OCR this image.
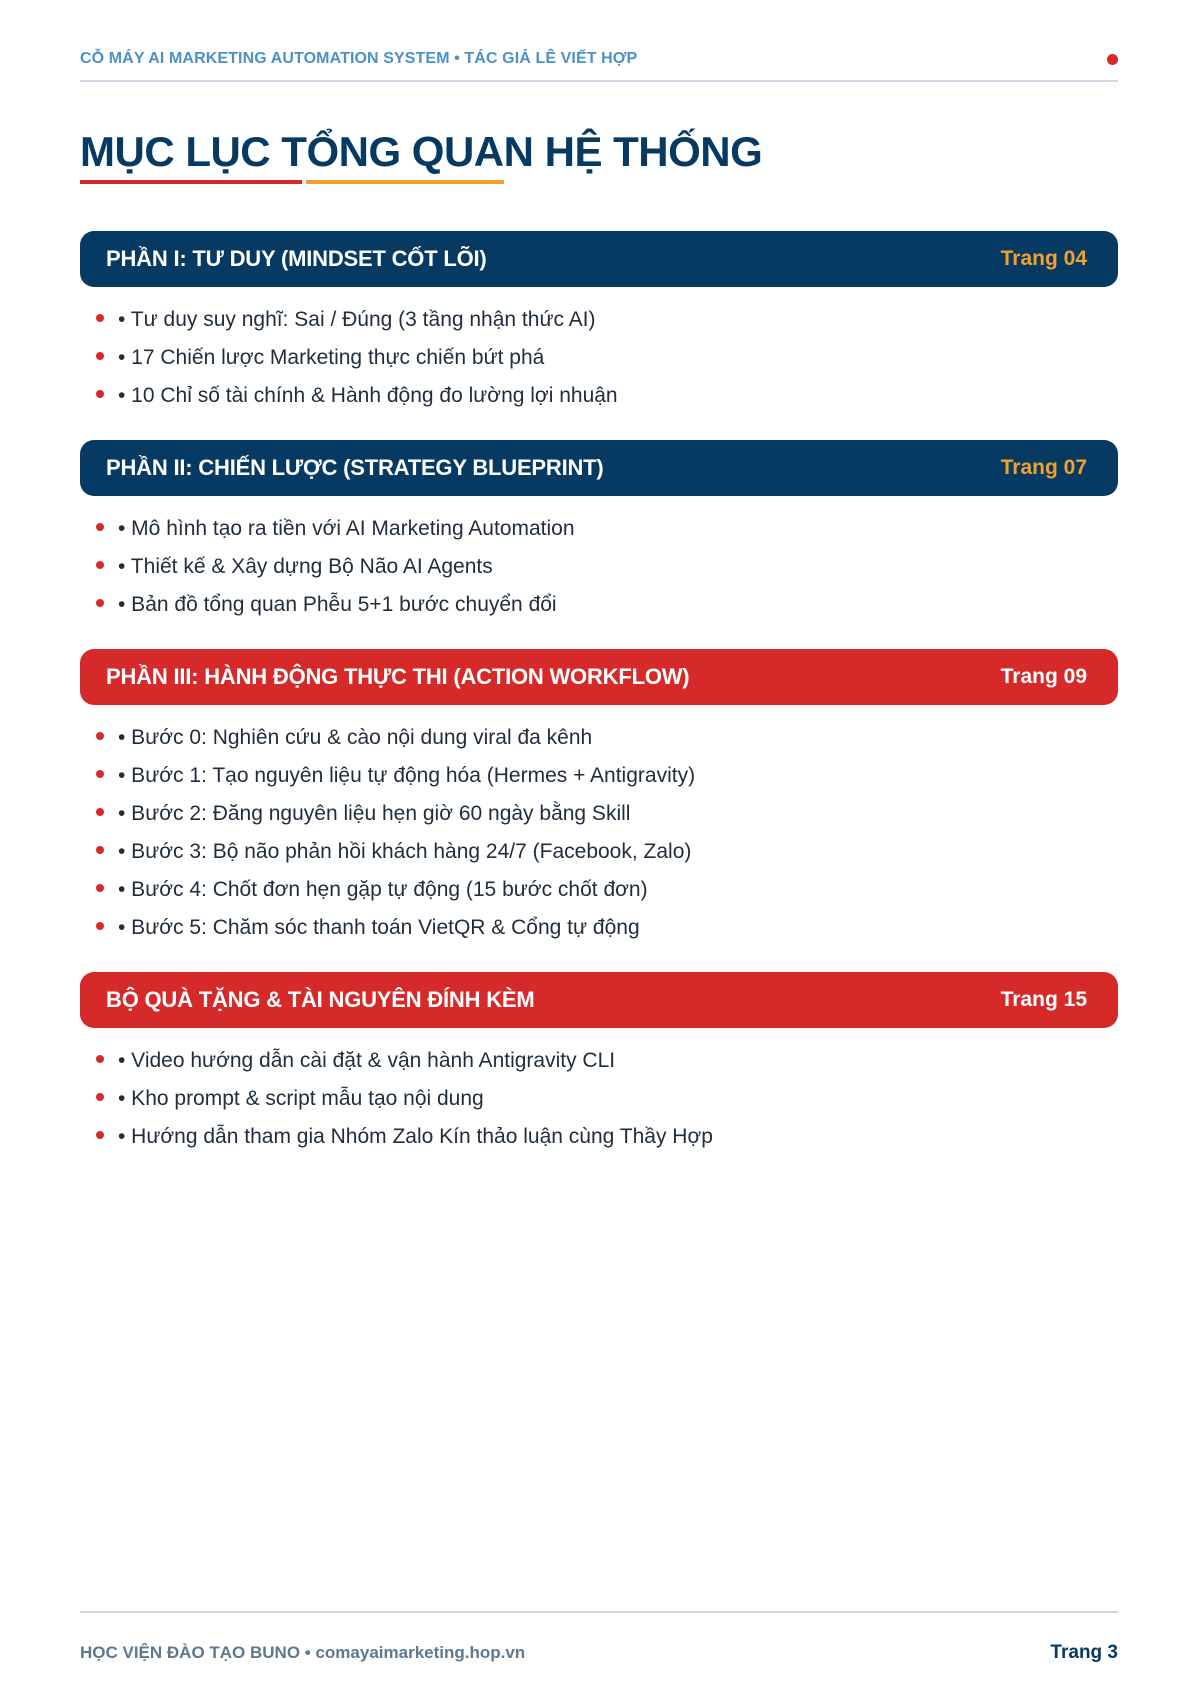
CỖ MÁY AI MARKETING AUTOMATION SYSTEM • TÁC GIẢ LÊ VIẾT HỢP
MỤC LỤC TỔNG QUAN HỆ THỐNG
PHẦN I: TƯ DUY (MINDSET CỐT LÕI)	Trang 04
• Tư duy suy nghĩ: Sai / Đúng (3 tầng nhận thức AI)
• 17 Chiến lược Marketing thực chiến bứt phá
• 10 Chỉ số tài chính & Hành động đo lường lợi nhuận
PHẦN II: CHIẾN LƯỢC (STRATEGY BLUEPRINT)	Trang 07
• Mô hình tạo ra tiền với AI Marketing Automation
• Thiết kế & Xây dựng Bộ Não AI Agents
• Bản đồ tổng quan Phễu 5+1 bước chuyển đổi
PHẦN III: HÀNH ĐỘNG THỰC THI (ACTION WORKFLOW)	Trang 09
• Bước 0: Nghiên cứu & cào nội dung viral đa kênh
• Bước 1: Tạo nguyên liệu tự động hóa (Hermes + Antigravity)
• Bước 2: Đăng nguyên liệu hẹn giờ 60 ngày bằng Skill
• Bước 3: Bộ não phản hồi khách hàng 24/7 (Facebook, Zalo)
• Bước 4: Chốt đơn hẹn gặp tự động (15 bước chốt đơn)
• Bước 5: Chăm sóc thanh toán VietQR & Cổng tự động
BỘ QUÀ TẶNG & TÀI NGUYÊN ĐÍNH KÈM	Trang 15
• Video hướng dẫn cài đặt & vận hành Antigravity CLI
• Kho prompt & script mẫu tạo nội dung
• Hướng dẫn tham gia Nhóm Zalo Kín thảo luận cùng Thầy Hợp
HỌC VIỆN ĐÀO TẠO BUNO • comayaimarketing.hop.vn	Trang 3
